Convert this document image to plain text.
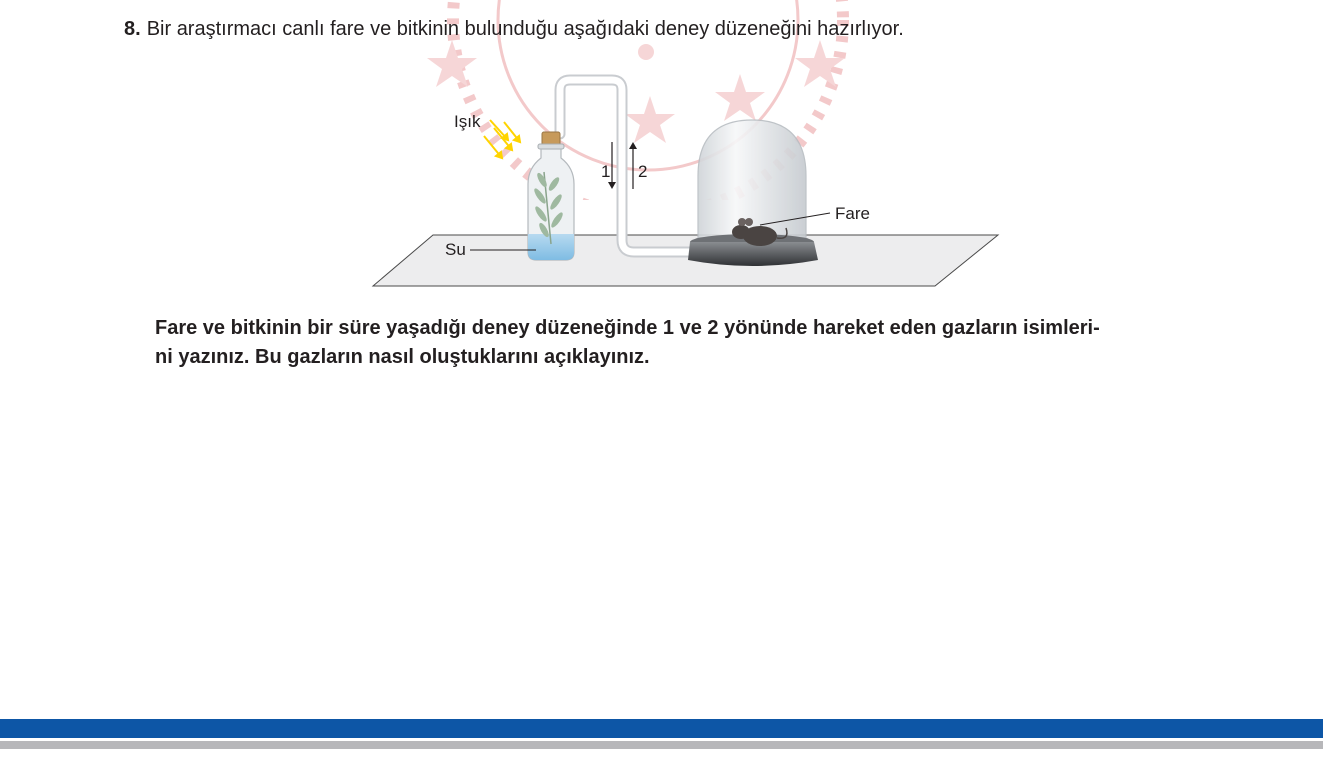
8. Bir araştırmacı canlı fare ve bitkinin bulunduğu aşağıdaki deney düzeneğini hazırlıyor.
Işık
Su
1 2
Fare
Fare ve bitkinin bir süre yaşadığı deney düzeneğinde 1 ve 2 yönünde hareket eden gazların isimleri-
ni yazınız. Bu gazların nasıl oluştuklarını açıklayınız.
